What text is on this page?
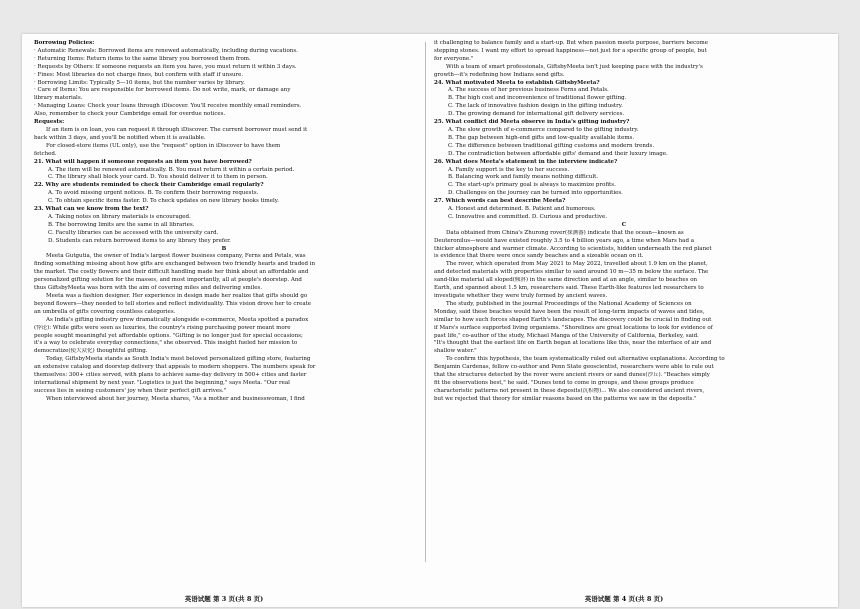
Borrowing Policies:
· Automatic Renewals: Borrowed items are renewed automatically, including during vacations.
· Returning Items: Return items to the same library you borrowed them from.
· Requests by Others: If someone requests an item you have, you must return it within 3 days.
· Fines: Most libraries do not charge fines, but confirm with staff if unsure.
· Borrowing Limits: Typically 5—10 items, but the number varies by library.
· Care of Items: You are responsible for borrowed items. Do not write, mark, or damage any
library materials.
· Managing Loans: Check your loans through iDiscover. You'll receive monthly email reminders.
Also, remember to check your Cambridge email for overdue notices.
Requests:
If an item is on loan, you can request it through iDiscover. The current borrower must send it
back within 3 days, and you'll be notified when it is available.
For closed-store items (UL only), use the "request" option in iDiscover to have them
fetched.
21. What will happen if someone requests an item you have borrowed?
A. The item will be renewed automatically. B. You must return it within a certain period.
C. The library shall block your card. D. You should deliver it to them in person.
22. Why are students reminded to check their Cambridge email regularly?
A. To avoid missing urgent notices. B. To confirm their borrowing requests.
C. To obtain specific items faster. D. To check updates on new library books timely.
23. What can we know from the text?
A. Taking notes on library materials is encouraged.
B. The borrowing limits are the same in all libraries.
C. Faculty libraries can be accessed with the university card.
D. Students can return borrowed items to any library they prefer.
B
Meeta Gutgutia, the owner of India's largest flower business company, Ferns and Petals, was
finding something missing about how gifts are exchanged between two friendly hearts and traded in
the market. The costly flowers and their difficult handling made her think about an affordable and
personalized gifting solution for the masses, and most importantly, all at people's doorstep. And
thus GiftsbyMeeta was born with the aim of covering miles and delivering smiles.
Meeta was a fashion designer. Her experience in design made her realize that gifts should go
beyond flowers—they needed to tell stories and reflect individuality. This vision drove her to create
an umbrella of gifts covering countless categories.
As India's gifting industry grew dramatically alongside e-commerce, Meeta spotted a paradox
(悖论): While gifts were seen as luxuries, the country's rising purchasing power meant more
people sought meaningful yet affordable options. "Gifting is no longer just for special occasions;
it's a way to celebrate everyday connections," she observed. This insight fueled her mission to
democratize(使大众化) thoughtful gifting.
Today, GiftsbyMeeta stands as South India's most beloved personalized gifting store, featuring
an extensive catalog and doorstep delivery that appeals to modern shoppers. The numbers speak for
themselves: 300+ cities served, with plans to achieve same-day delivery in 500+ cities and faster
international shipment by next year. "Logistics is just the beginning," says Meeta. "Our real
success lies in seeing customers' joy when their perfect gift arrives."
When interviewed about her journey, Meeta shares, "As a mother and businesswoman, I find
it challenging to balance family and a start-up. But when passion meets purpose, barriers become
stepping stones. I want my effort to spread happiness—not just for a specific group of people, but
for everyone."
With a team of smart professionals, GiftsbyMeeta isn't just keeping pace with the industry's
growth—it's redefining how Indians send gifts.
24. What motivated Meeta to establish GiftsbyMeeta?
A. The success of her previous business Ferns and Petals.
B. The high cost and inconvenience of traditional flower gifting.
C. The lack of innovative fashion design in the gifting industry.
D. The growing demand for international gift delivery services.
25. What conflict did Meeta observe in India's gifting industry?
A. The slow growth of e-commerce compared to the gifting industry.
B. The gap between high-end gifts and low-quality available items.
C. The difference between traditional gifting customs and modern trends.
D. The contradiction between affordable gifts' demand and their luxury image.
26. What does Meeta's statement in the interview indicate?
A. Family support is the key to her success.
B. Balancing work and family means nothing difficult.
C. The start-up's primary goal is always to maximize profits.
D. Challenges on the journey can be turned into opportunities.
27. Which words can best describe Meeta?
A. Honest and determined. B. Patient and humorous.
C. Innovative and committed. D. Curious and productive.
C
Data obtained from China's Zhurong rover(探测器) indicate that the ocean—known as
Deuteronilus—would have existed roughly 3.5 to 4 billion years ago, a time when Mars had a
thicker atmosphere and warmer climate. According to scientists, hidden underneath the red planet
is evidence that there were once sandy beaches and a sizeable ocean on it.
The rover, which operated from May 2021 to May 2022, travelled about 1.9 km on the planet,
and detected materials with properties similar to sand around 10 m—35 m below the surface. The
sand-like material all sloped(倾斜) in the same direction and at an angle, similar to beaches on
Earth, and spanned about 1.5 km, researchers said. These Earth-like features led researchers to
investigate whether they were truly formed by ancient waves.
The study, published in the journal Proceedings of the National Academy of Sciences on
Monday, said these beaches would have been the result of long-term impacts of waves and tides,
similar to how such forces shaped Earth's landscapes. The discovery could be crucial in finding out
if Mars's surface supported living organisms. "Shorelines are great locations to look for evidence of
past life," co-author of the study, Michael Manga of the University of California, Berkeley, said.
"It's thought that the earliest life on Earth began at locations like this, near the interface of air and
shallow water."
To confirm this hypothesis, the team systematically ruled out alternative explanations. According to
Benjamin Cardenas, fellow co-author and Penn State geoscientist, researchers were able to rule out
that the structures detected by the rover were ancient rivers or sand dunes(沙丘). "Beaches simply
fit the observations best," he said. "Dunes tend to come in groups, and these groups produce
characteristic patterns not present in these deposits(沉积物)... We also considered ancient rivers,
but we rejected that theory for similar reasons based on the patterns we saw in the deposits."
英语试题 第 3 页(共 8 页)	英语试题 第 4 页(共 8 页)
